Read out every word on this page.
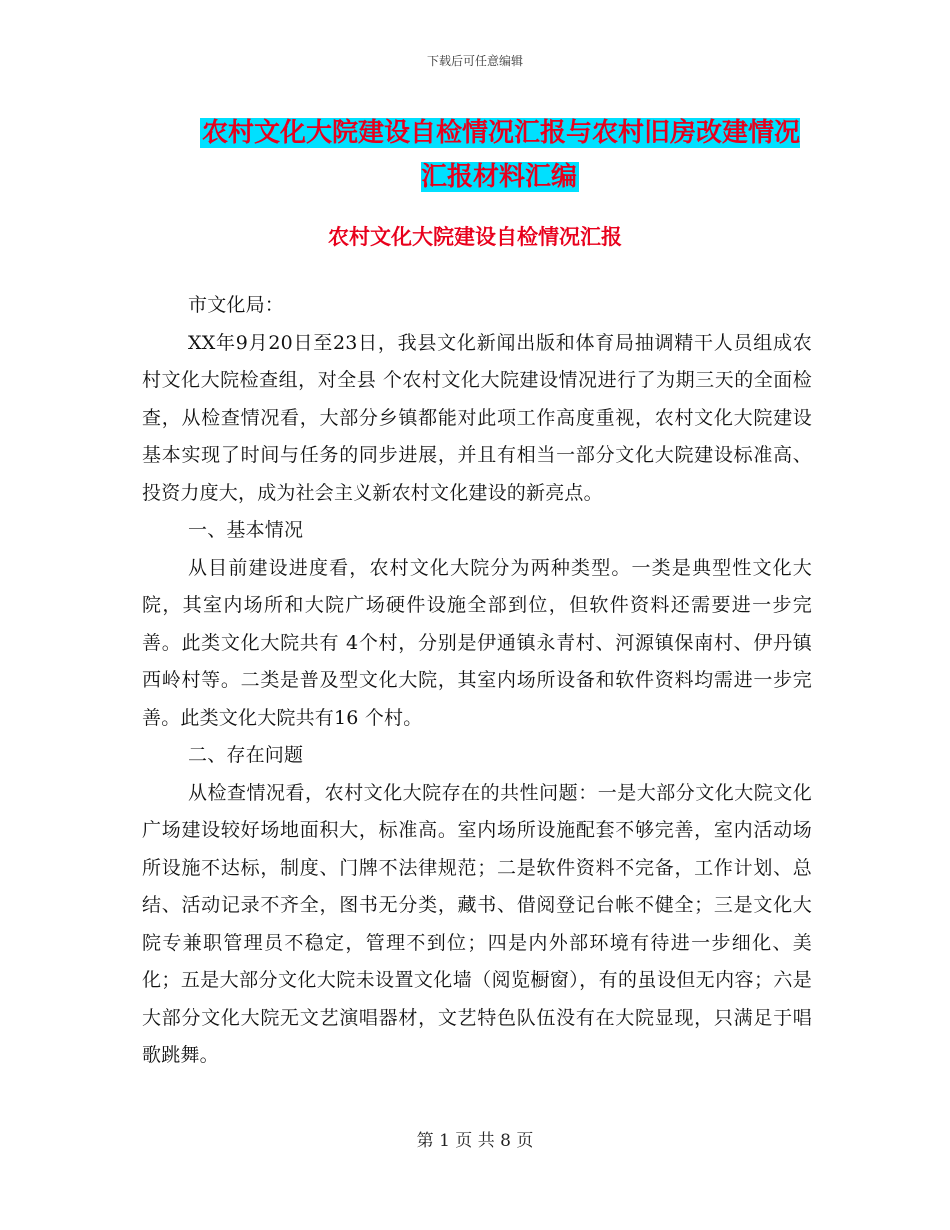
下载后可任意编辑
农村文化大院建设自检情况汇报与农村旧房改建情况汇报材料汇编
农村文化大院建设自检情况汇报

市文化局：

XX年9月20日至23日，我县文化新闻出版和体育局抽调精干人员组成农村文化大院检查组，对全县 个农村文化大院建设情况进行了为期三天的全面检查，从检查情况看，大部分乡镇都能对此项工作高度重视，农村文化大院建设基本实现了时间与任务的同步进展，并且有相当一部分文化大院建设标准高、投资力度大，成为社会主义新农村文化建设的新亮点。

一、基本情况

从目前建设进度看，农村文化大院分为两种类型。一类是典型性文化大院，其室内场所和大院广场硬件设施全部到位，但软件资料还需要进一步完善。此类文化大院共有 4个村，分别是伊通镇永青村、河源镇保南村、伊丹镇西岭村等。二类是普及型文化大院，其室内场所设备和软件资料均需进一步完善。此类文化大院共有16 个村。

二、存在问题

从检查情况看，农村文化大院存在的共性问题：一是大部分文化大院文化广场建设较好场地面积大，标准高。室内场所设施配套不够完善，室内活动场所设施不达标，制度、门牌不法律规范；二是软件资料不完备，工作计划、总结、活动记录不齐全，图书无分类，藏书、借阅登记台帐不健全；三是文化大院专兼职管理员不稳定，管理不到位；四是内外部环境有待进一步细化、美化；五是大部分文化大院未设置文化墙（阅览橱窗），有的虽设但无内容；六是大部分文化大院无文艺演唱器材，文艺特色队伍没有在大院显现，只满足于唱歌跳舞。

第 1 页 共 8 页
